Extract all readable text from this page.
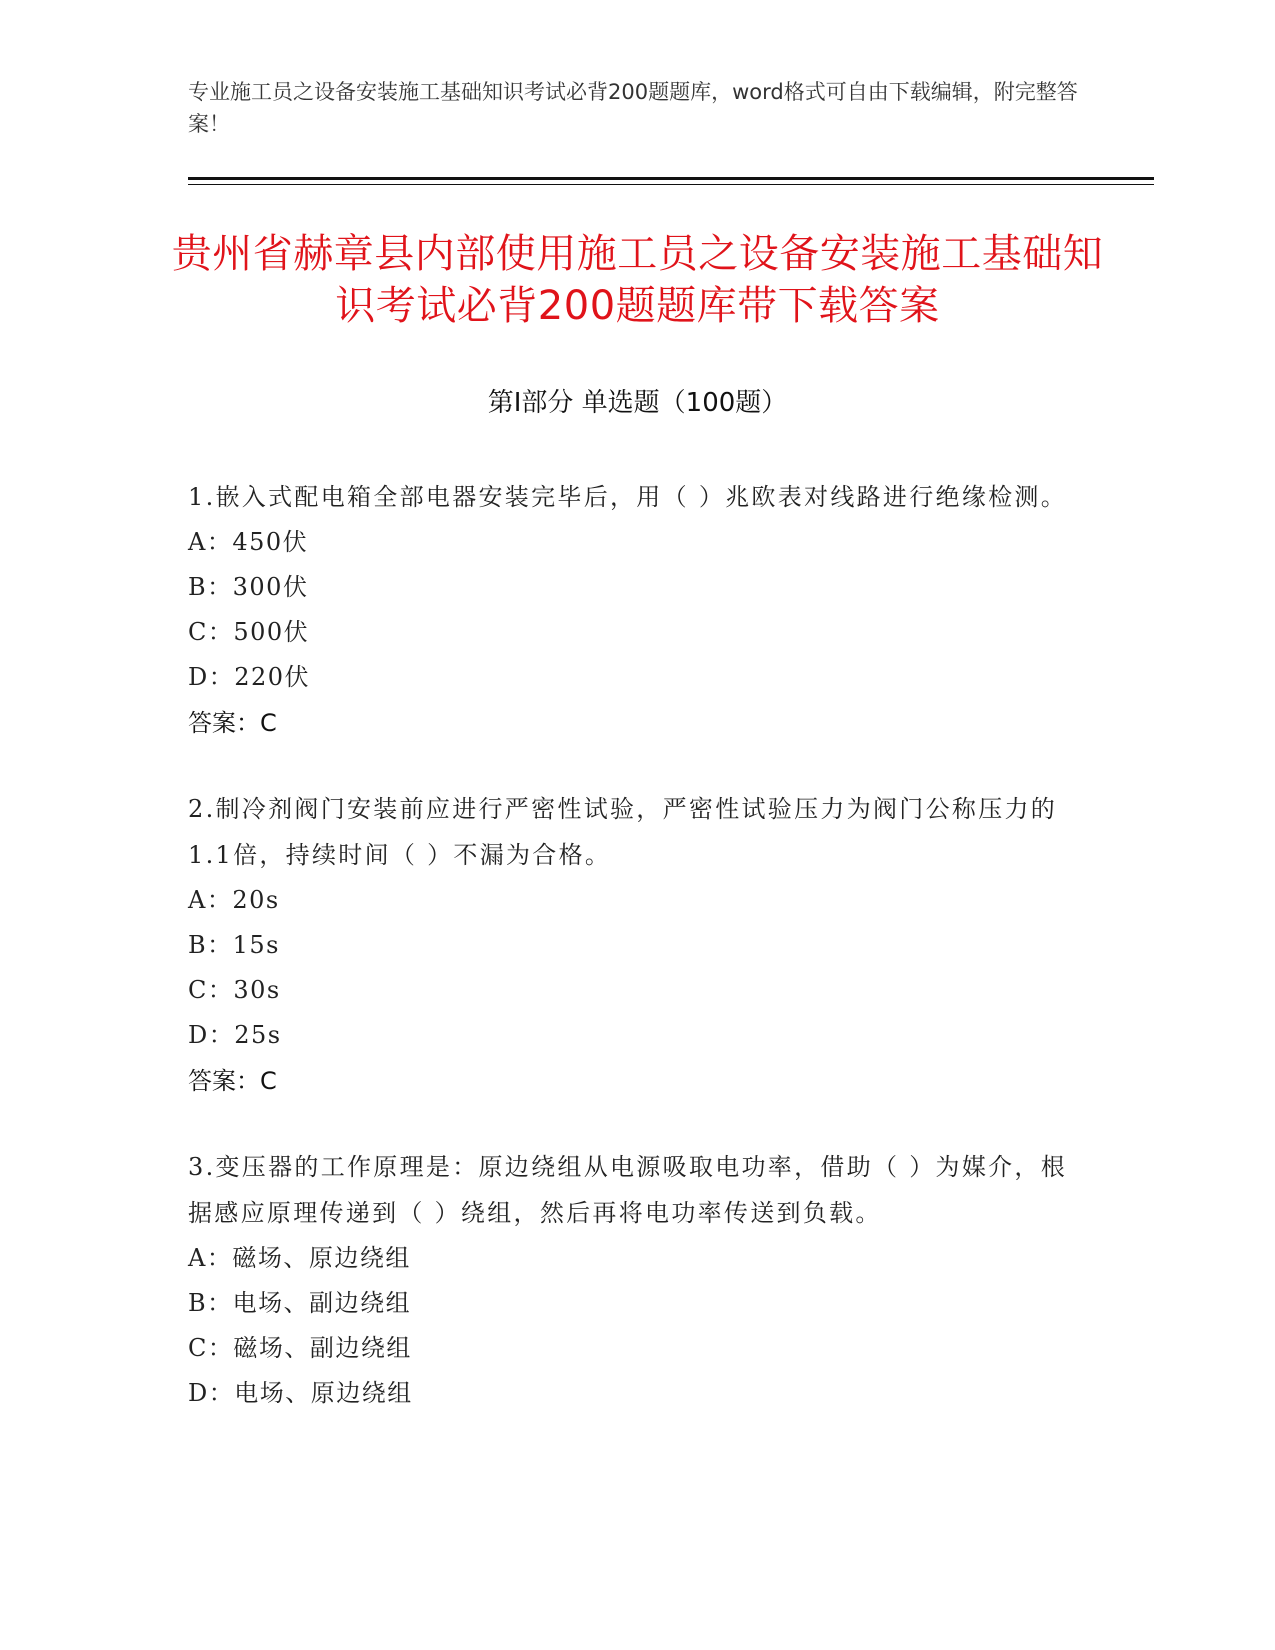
专业施工员之设备安装施工基础知识考试必背200题题库，word格式可自由下载编辑，附完整答案！
贵州省赫章县内部使用施工员之设备安装施工基础知识考试必背200题题库带下载答案
第I部分 单选题（100题）
1.嵌入式配电箱全部电器安装完毕后，用（ ）兆欧表对线路进行绝缘检测。
A：450伏
B：300伏
C：500伏
D：220伏
答案：C
2.制冷剂阀门安装前应进行严密性试验，严密性试验压力为阀门公称压力的1.1倍，持续时间（ ）不漏为合格。
A：20s
B：15s
C：30s
D：25s
答案：C
3.变压器的工作原理是：原边绕组从电源吸取电功率，借助（ ）为媒介，根据感应原理传递到（ ）绕组，然后再将电功率传送到负载。
A：磁场、原边绕组
B：电场、副边绕组
C：磁场、副边绕组
D：电场、原边绕组
